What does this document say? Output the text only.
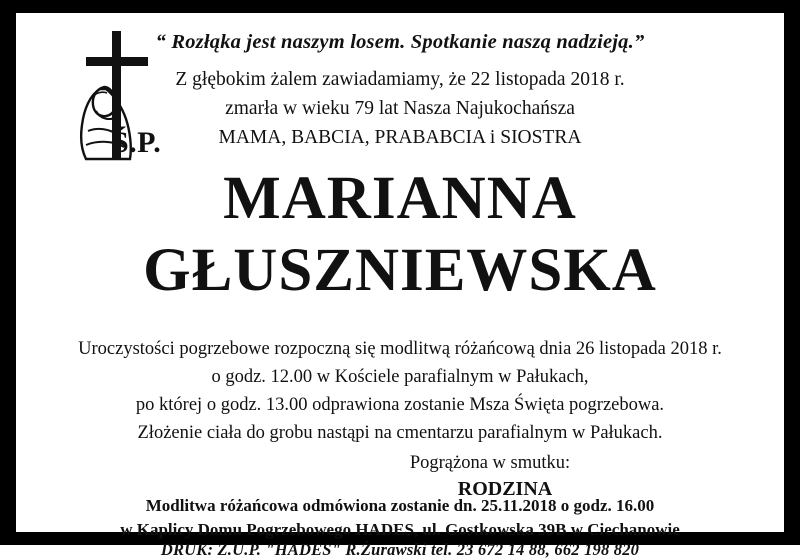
Ś.P.
“ Rozłąka jest naszym losem. Spotkanie naszą nadzieją.”
Z głębokim żalem zawiadamiamy, że 22 listopada 2018 r.
zmarła w wieku 79 lat Nasza Najukochańsza
MAMA, BABCIA, PRABABCIA i SIOSTRA
MARIANNA
GŁUSZNIEWSKA
Uroczystości pogrzebowe rozpoczną się modlitwą różańcową dnia 26 listopada 2018 r.
o godz. 12.00 w Kościele parafialnym w Pałukach,
po której o godz. 13.00 odprawiona zostanie Msza Święta pogrzebowa.
Złożenie ciała do grobu nastąpi na cmentarzu parafialnym w Pałukach.
Pogrążona w smutku:
RODZINA
Modlitwa różańcowa odmówiona zostanie dn. 25.11.2018 o godz. 16.00
w Kaplicy Domu Pogrzebowego HADES, ul. Gostkowska 39B w Ciechanowie
DRUK: Z.U.P. "HADES" R.Żurawski tel. 23 672 14 88, 662 198 820
